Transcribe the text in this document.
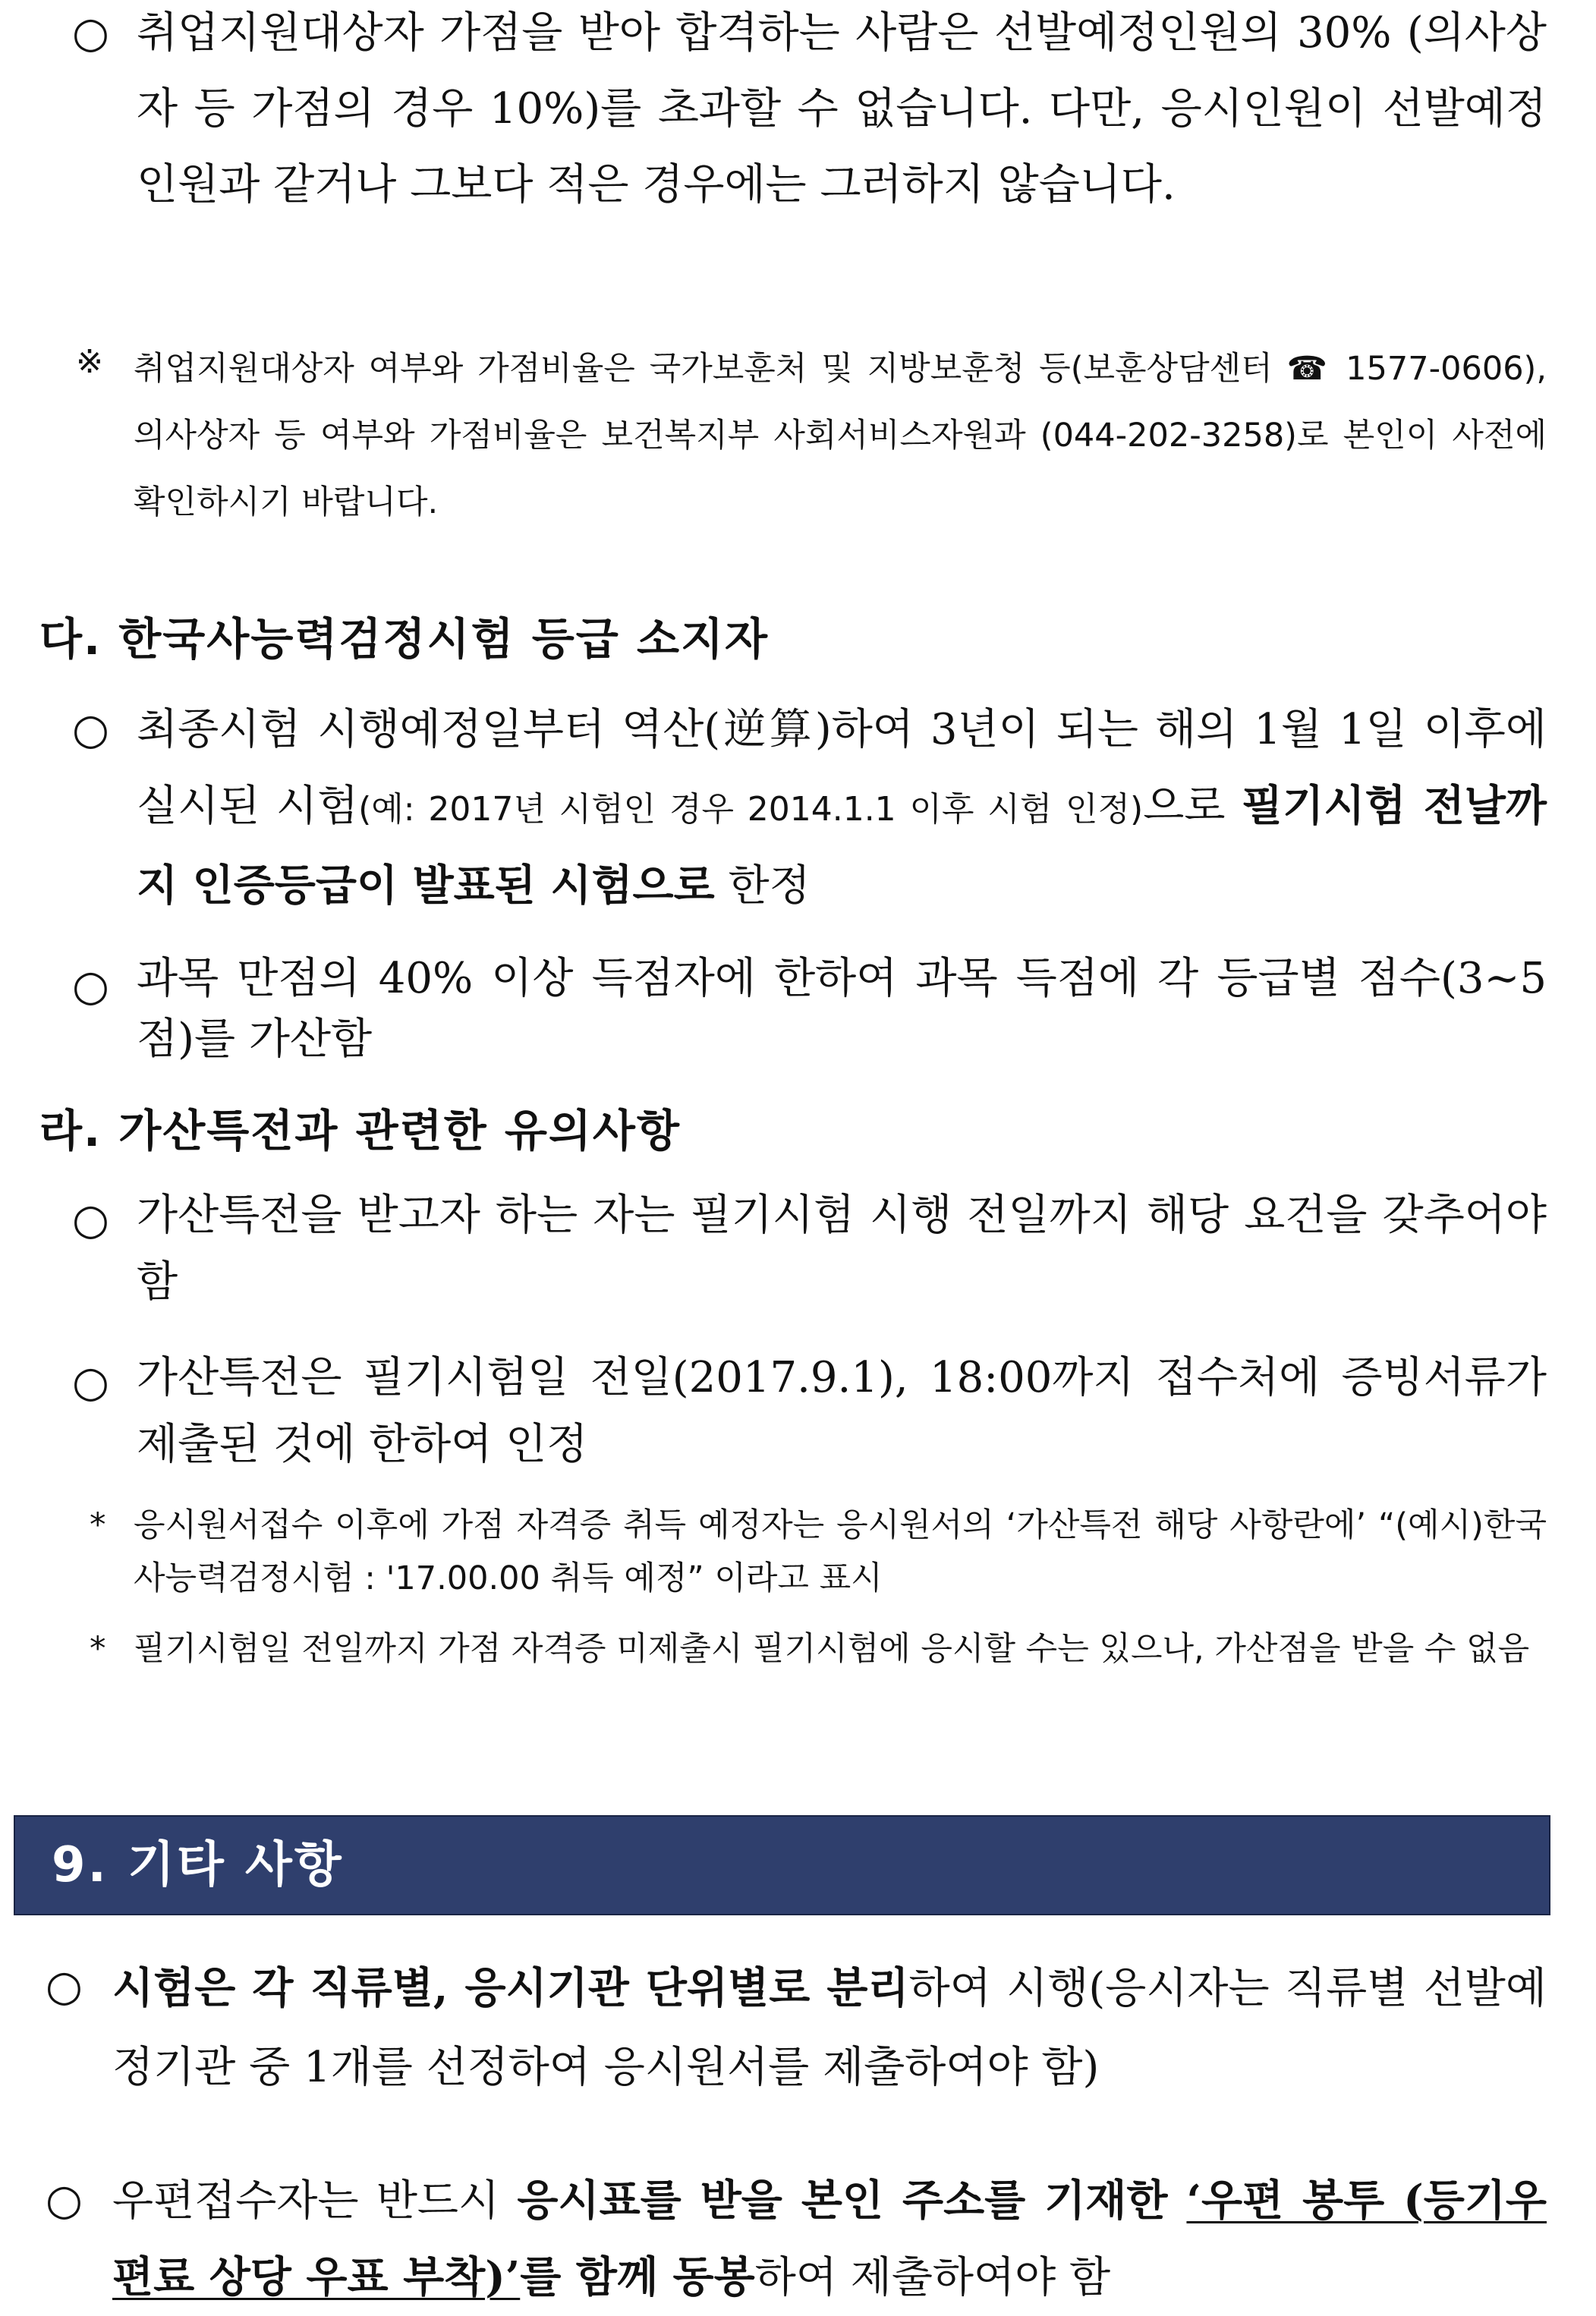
○ 취업지원대상자 가점을 받아 합격하는 사람은 선발예정인원의 30% (의사상자 등 가점의 경우 10%)를 초과할 수 없습니다. 다만, 응시인원이 선발예정인원과 같거나 그보다 적은 경우에는 그러하지 않습니다.
※ 취업지원대상자 여부와 가점비율은 국가보훈처 및 지방보훈청 등(보훈상담센터 ☎ 1577-0606), 의사상자 등 여부와 가점비율은 보건복지부 사회서비스자원과 (044-202-3258)로 본인이 사전에 확인하시기 바랍니다.
다. 한국사능력검정시험 등급 소지자
○ 최종시험 시행예정일부터 역산(逆算)하여 3년이 되는 해의 1월 1일 이후에 실시된 시험(예: 2017년 시험인 경우 2014.1.1 이후 시험 인정)으로 필기시험 전날까지 인증등급이 발표된 시험으로 한정
○ 과목 만점의 40% 이상 득점자에 한하여 과목 득점에 각 등급별 점수(3∼5점)를 가산함
라. 가산특전과 관련한 유의사항
○ 가산특전을 받고자 하는 자는 필기시험 시행 전일까지 해당 요건을 갖추어야 함
○ 가산특전은 필기시험일 전일(2017.9.1), 18:00까지 접수처에 증빙서류가 제출된 것에 한하여 인정
* 응시원서접수 이후에 가점 자격증 취득 예정자는 응시원서의 ‘가산특전 해당 사항란에’ “(예시)한국사능력검정시험 : '17.00.00 취득 예정” 이라고 표시
* 필기시험일 전일까지 가점 자격증 미제출시 필기시험에 응시할 수는 있으나, 가산점을 받을 수 없음
9. 기타 사항
○ 시험은 각 직류별, 응시기관 단위별로 분리하여 시행(응시자는 직류별 선발예정기관 중 1개를 선정하여 응시원서를 제출하여야 함)
○ 우편접수자는 반드시 응시표를 받을 본인 주소를 기재한 ‘우편 봉투 (등기우편료 상당 우표 부착)’를 함께 동봉하여 제출하여야 함
